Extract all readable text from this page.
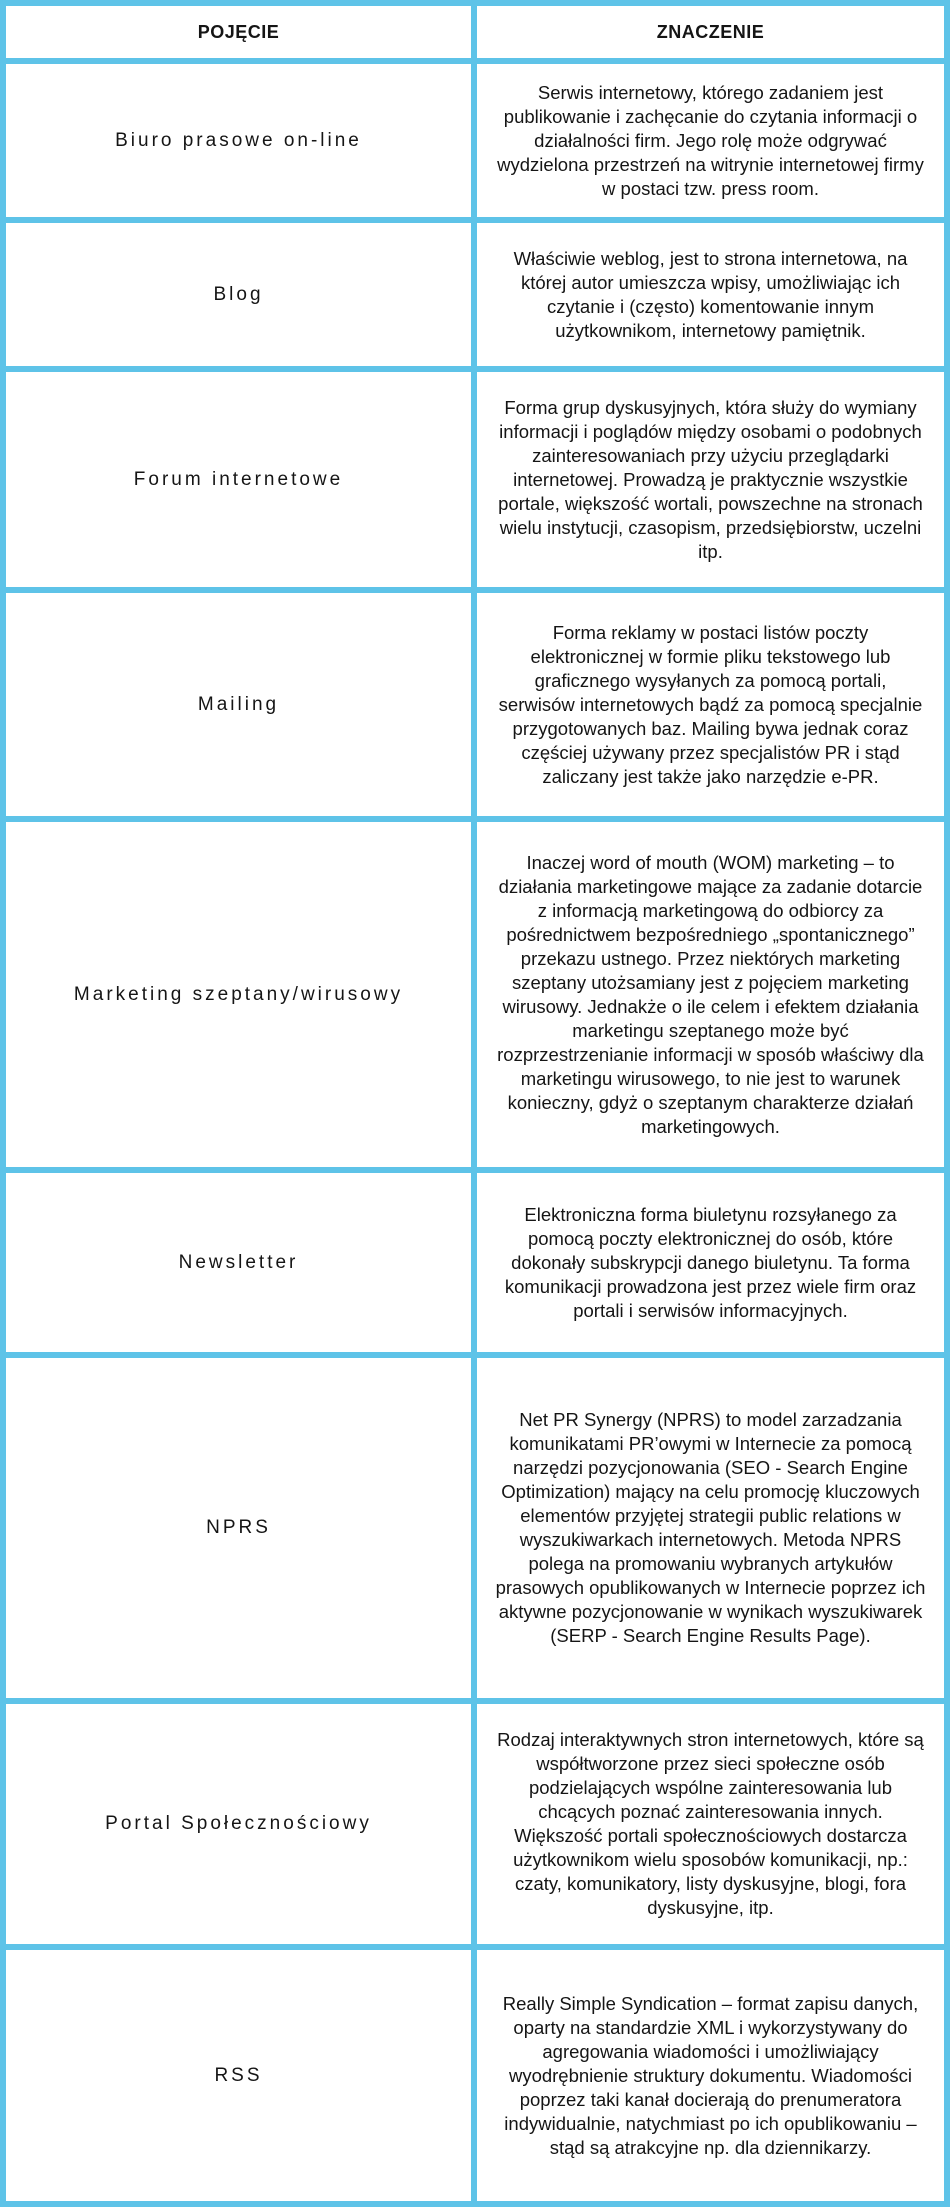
POJĘCIE	ZNACZENIE
Biuro prasowe on-line	Serwis internetowy, którego zadaniem jest publikowanie i zachęcanie do czytania informacji o działalności firm. Jego rolę może odgrywać wydzielona przestrzeń na witrynie internetowej firmy w postaci tzw. press room.
Blog	Właściwie weblog, jest to strona internetowa, na której autor umieszcza wpisy, umożliwiając ich czytanie i (często) komentowanie innym użytkownikom, internetowy pamiętnik.
Forum internetowe	Forma grup dyskusyjnych, która służy do wymiany informacji i poglądów między osobami o podobnych zainteresowaniach przy użyciu przeglądarki internetowej. Prowadzą je praktycznie wszystkie portale, większość wortali, powszechne na stronach wielu instytucji, czasopism, przedsiębiorstw, uczelni itp.
Mailing	Forma reklamy w postaci listów poczty elektronicznej w formie pliku tekstowego lub graficznego wysyłanych za pomocą portali, serwisów internetowych bądź za pomocą specjalnie przygotowanych baz. Mailing bywa jednak coraz częściej używany przez specjalistów PR i stąd zaliczany jest także jako narzędzie e-PR.
Marketing szeptany/wirusowy	Inaczej word of mouth (WOM) marketing – to działania marketingowe mające za zadanie dotarcie z informacją marketingową do odbiorcy za pośrednictwem bezpośredniego „spontanicznego” przekazu ustnego. Przez niektórych marketing szeptany utożsamiany jest z pojęciem marketing wirusowy. Jednakże o ile celem i efektem działania marketingu szeptanego może być rozprzestrzenianie informacji w sposób właściwy dla marketingu wirusowego, to nie jest to warunek konieczny, gdyż o szeptanym charakterze działań marketingowych.
Newsletter	Elektroniczna forma biuletynu rozsyłanego za pomocą poczty elektronicznej do osób, które dokonały subskrypcji danego biuletynu. Ta forma komunikacji prowadzona jest przez wiele firm oraz portali i serwisów informacyjnych.
NPRS	Net PR Synergy (NPRS) to model zarzadzania komunikatami PR’owymi w Internecie za pomocą narzędzi pozycjonowania (SEO - Search Engine Optimization) mający na celu promocję kluczowych elementów przyjętej strategii public relations w wyszukiwarkach internetowych. Metoda NPRS polega na promowaniu wybranych artykułów prasowych opublikowanych w Internecie poprzez ich aktywne pozycjonowanie w wynikach wyszukiwarek (SERP - Search Engine Results Page).
Portal Społecznościowy	Rodzaj interaktywnych stron internetowych, które są współtworzone przez sieci społeczne osób podzielających wspólne zainteresowania lub chcących poznać zainteresowania innych. Większość portali społecznościowych dostarcza użytkownikom wielu sposobów komunikacji, np.: czaty, komunikatory, listy dyskusyjne, blogi, fora dyskusyjne, itp.
RSS	Really Simple Syndication – format zapisu danych, oparty na standardzie XML i wykorzystywany do agregowania wiadomości i umożliwiający wyodrębnienie struktury dokumentu. Wiadomości poprzez taki kanał docierają do prenumeratora indywidualnie, natychmiast po ich opublikowaniu – stąd są atrakcyjne np. dla dziennikarzy.
